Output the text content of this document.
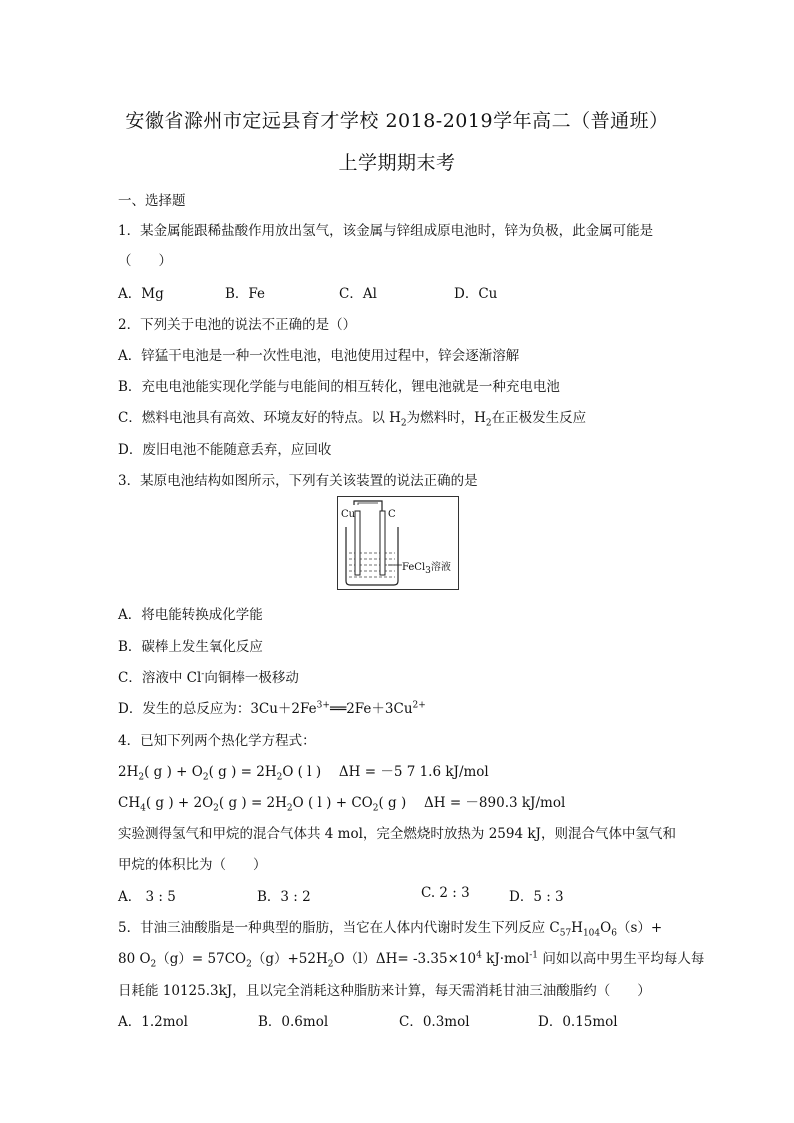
安徽省滁州市定远县育才学校 2018-2019学年高二（普通班）
上学期期末考
一、选择题
1．某金属能跟稀盐酸作用放出氢气，该金属与锌组成原电池时，锌为负极，此金属可能是
（　　）
A．Mg	B．Fe	C．Al	D．Cu
2．下列关于电池的说法不正确的是（）
A．锌猛干电池是一种一次性电池，电池使用过程中，锌会逐渐溶解
B．充电电池能实现化学能与电能间的相互转化，锂电池就是一种充电电池
C．燃料电池具有高效、环境友好的特点。以 $H_2$为燃料时，$H_2$在正极发生反应
D．废旧电池不能随意丢弃，应回收
3．某原电池结构如图所示，下列有关该装置的说法正确的是
Cu	C
FeCl$_3$溶液
A．将电能转换成化学能
B．碳棒上发生氧化反应
C．溶液中 Cl-向铜棒一极移动
D．发生的总反应为：$3Cu+2Fe^{3+}══2Fe+3Cu^{2+}$
4．已知下列两个热化学方程式：
$2H_2$( g ) + $O_2$( g ) = $2H_2O$ ( l )　 ΔH = －5 7 1.6 kJ/mol
$CH_4$( g ) + $2O_2$( g ) = $2H_2O$ ( l ) + $CO_2$( g )　 ΔH = －890.3 kJ/mol
实验测得氢气和甲烷的混合气体共 4 mol，完全燃烧时放热为 2594 kJ，则混合气体中氢气和
甲烷的体积比为（　　）
A． 3 : 5	B．3 : 2	C. 2 : 3	D．5 : 3
5．甘油三油酸脂是一种典型的脂肪，当它在人体内代谢时发生下列反应 $C_{57}H_{104}O_6(s)+$
80 $O_2(g)= 57CO_2(g)+52H_2O(l)\Delta H= -3.35\times 10^4$ kJ·mol$^{-1}$ 问如以高中男生平均每人每
日耗能 10125.3kJ，且以完全消耗这种脂肪来计算，每天需消耗甘油三油酸脂约（　　）
A．1.2mol	B．0.6mol	C．0.3mol	D．0.15mol
